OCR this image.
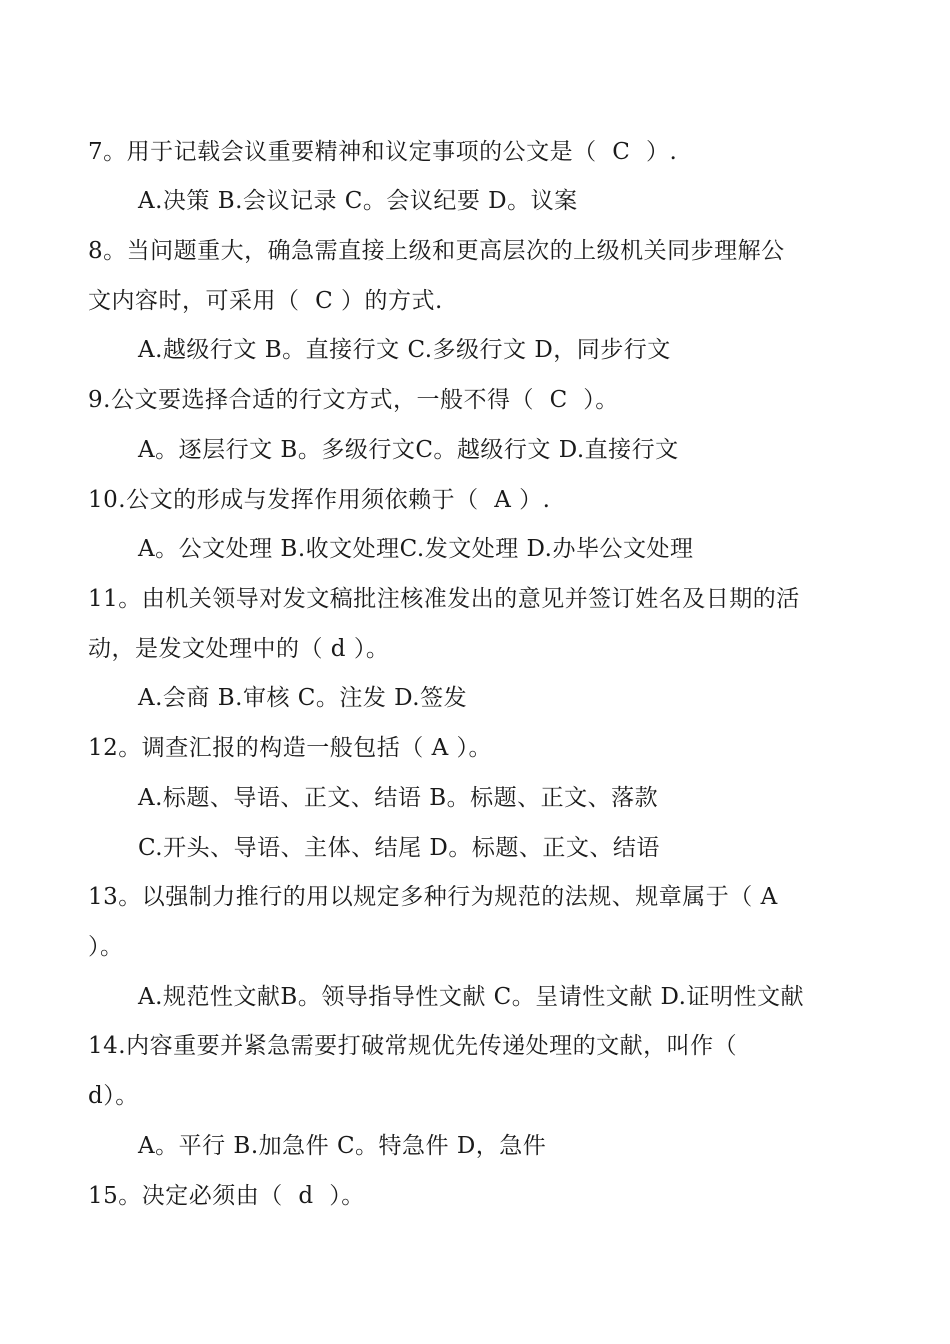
7。用于记载会议重要精神和议定事项的公文是（  C  ）.
A.决策 B.会议记录 C。会议纪要 D。议案
8。当问题重大，确急需直接上级和更高层次的上级机关同步理解公
文内容时，可采用（  C ）的方式.
A.越级行文 B。直接行文 C.多级行文 D，同步行文
9.公文要选择合适的行文方式，一般不得（  C  ）。
A。逐层行文 B。多级行文C。越级行文 D.直接行文
10.公文的形成与发挥作用须依赖于（  A ）.
A。公文处理 B.收文处理C.发文处理 D.办毕公文处理
11。由机关领导对发文稿批注核准发出的意见并签订姓名及日期的活
动，是发文处理中的（ d ）。
A.会商 B.审核 C。注发 D.签发
12。调查汇报的构造一般包括（ A ）。
A.标题、导语、正文、结语 B。标题、正文、落款
C.开头、导语、主体、结尾 D。标题、正文、结语
13。以强制力推行的用以规定多种行为规范的法规、规章属于（ A
）。
A.规范性文献B。领导指导性文献 C。呈请性文献 D.证明性文献
14.内容重要并紧急需要打破常规优先传递处理的文献，叫作（
d）。
A。平行 B.加急件 C。特急件 D，急件
15。决定必须由（  d  ）。
